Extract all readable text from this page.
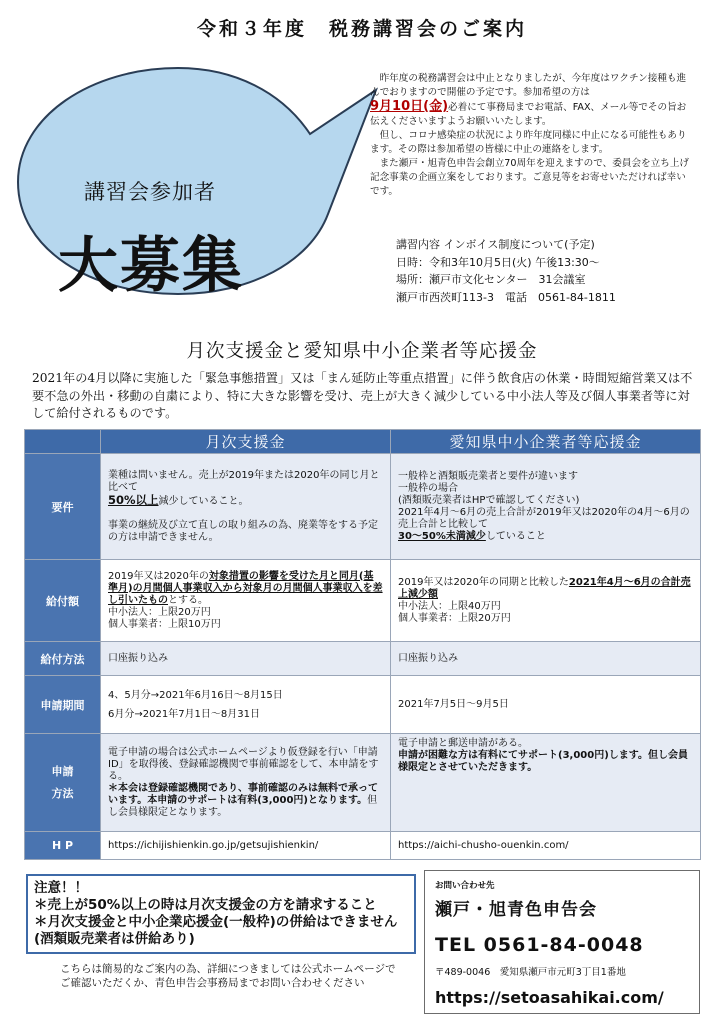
令和３年度　税務講習会のご案内
講習会参加者
大募集

昨年度の税務講習会は中止となりましたが、今年度はワクチン接種も進んでおりますので開催の予定です。参加希望の方は
9月10日(金)必着にて事務局までお電話、FAX、メール等でその旨お伝えくださいますようお願いいたします。

但し、コロナ感染症の状況により昨年度同様に中止になる可能性もあります。その際は参加希望の皆様に中止の連絡をします。

また瀬戸・旭青色申告会創立70周年を迎えますので、委員会を立ち上げ記念事業の企画立案をしております。ご意見等をお寄せいただければ幸いです。

講習内容 インボイス制度について(予定)
日時：令和3年10月5日(火) 午後13:30～
場所：瀬戸市文化センター　31会議室
瀬戸市西茨町113-3　電話　0561-84-1811
月次支援金と愛知県中小企業者等応援金
2021年の4月以降に実施した「緊急事態措置」又は「まん延防止等重点措置」に伴う飲食店の休業・時間短縮営業又は不要不急の外出・移動の自粛により、特に大きな影響を受け、売上が大きく減少している中小法人等及び個人事業者等に対して給付されるものです。
	月次支援金	愛知県中小企業者等応援金
要件	業種は問いません。売上が2019年または2020年の同じ月と比べて
50%以上減少していること。

事業の継続及び立て直しの取り組みの為、廃業等をする予定の方は申請できません。	一般枠と酒類販売業者と要件が違います
一般枠の場合
(酒類販売業者はHPで確認してください)
2021年4月～6月の売上合計が2019年又は2020年の4月～6月の売上合計と比較して
30～50%未満減少していること
給付額	2019年又は2020年の対象措置の影響を受けた月と同月(基準月)の月間個人事業収入から対象月の月間個人事業収入を差し引いたものとする。
中小法人：上限20万円
個人事業者：上限10万円	2019年又は2020年の同期と比較した2021年4月～6月の合計売上減少額
中小法人：上限40万円
個人事業者：上限20万円
給付方法	口座振り込み	口座振り込み
申請期間	4、5月分→2021年6月16日～8月15日
6月分→2021年7月1日～8月31日	2021年7月5日～9月5日
申請
方法	電子申請の場合は公式ホームページより仮登録を行い「申請ID」を取得後、登録確認機関で事前確認をして、本申請をする。
＊本会は登録確認機関であり、事前確認のみは無料で承っています。本申請のサポートは有料(3,000円)となります。但し会員様限定となります。	電子申請と郵送申請がある。
申請が困難な方は有料にてサポート(3,000円)します。但し会員様限定とさせていただきます。
H P	https://ichijishienkin.go.jp/getsujishienkin/	https://aichi-chusho-ouenkin.com/
注意！！
＊売上が50%以上の時は月次支援金の方を請求すること
＊月次支援金と中小企業応援金(一般枠)の併給はできません(酒類販売業者は併給あり)
こちらは簡易的なご案内の為、詳細につきましては公式ホームページでご確認いただくか、青色申告会事務局までお問い合わせください
お問い合わせ先
瀬戸・旭青色申告会
TEL 0561-84-0048
〒489-0046　愛知県瀬戸市元町3丁目1番地
https://setoasahikai.com/
